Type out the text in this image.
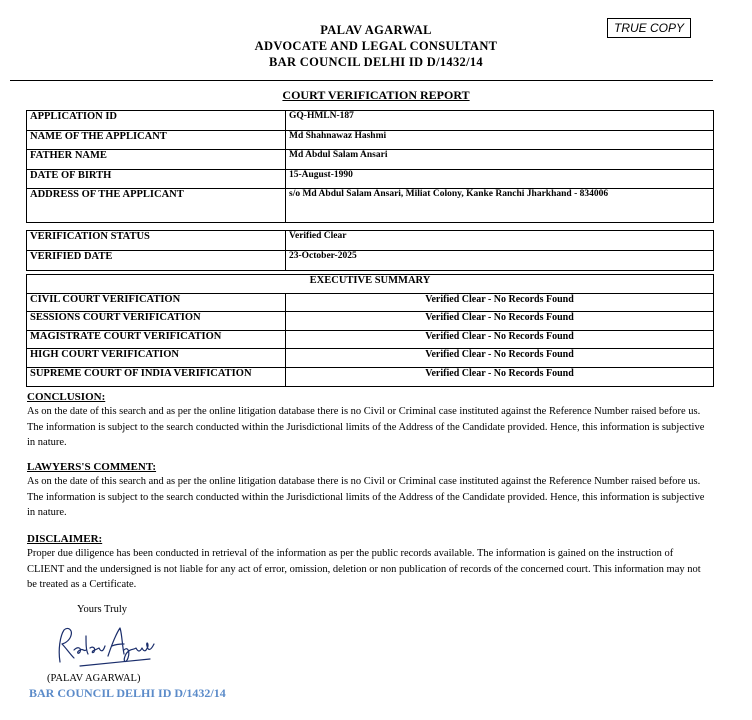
PALAV AGARWAL
ADVOCATE AND LEGAL CONSULTANT
BAR COUNCIL DELHI ID D/1432/14
TRUE COPY
COURT VERIFICATION REPORT
APPLICATION ID	GQ-HMLN-187
NAME OF THE APPLICANT	Md Shahnawaz Hashmi
FATHER NAME	Md Abdul Salam Ansari
DATE OF BIRTH	15-August-1990
ADDRESS OF THE APPLICANT	s/o Md Abdul Salam Ansari, Miliat Colony, Kanke Ranchi Jharkhand - 834006

VERIFICATION STATUS	Verified Clear
VERIFIED DATE	23-October-2025
EXECUTIVE SUMMARY	
CIVIL COURT VERIFICATION	Verified Clear - No Records Found
SESSIONS COURT VERIFICATION	Verified Clear - No Records Found
MAGISTRATE COURT VERIFICATION	Verified Clear - No Records Found
HIGH COURT VERIFICATION	Verified Clear - No Records Found
SUPREME COURT OF INDIA VERIFICATION	Verified Clear - No Records Found
CONCLUSION:
As on the date of this search and as per the online litigation database there is no Civil or Criminal case instituted against the Reference Number raised before us. The information is subject to the search conducted within the Jurisdictional limits of the Address of the Candidate provided. Hence, this information is subjective in nature.
LAWYERS'S COMMENT:
As on the date of this search and as per the online litigation database there is no Civil or Criminal case instituted against the Reference Number raised before us. The information is subject to the search conducted within the Jurisdictional limits of the Address of the Candidate provided. Hence, this information is subjective in nature.
DISCLAIMER:
Proper due diligence has been conducted in retrieval of the information as per the public records available. The information is gained on the instruction of CLIENT and the undersigned is not liable for any act of error, omission, deletion or non publication of records of the concerned court. This information may not be treated as a Certificate.
Yours Truly
(PALAV AGARWAL)
BAR COUNCIL DELHI ID D/1432/14
